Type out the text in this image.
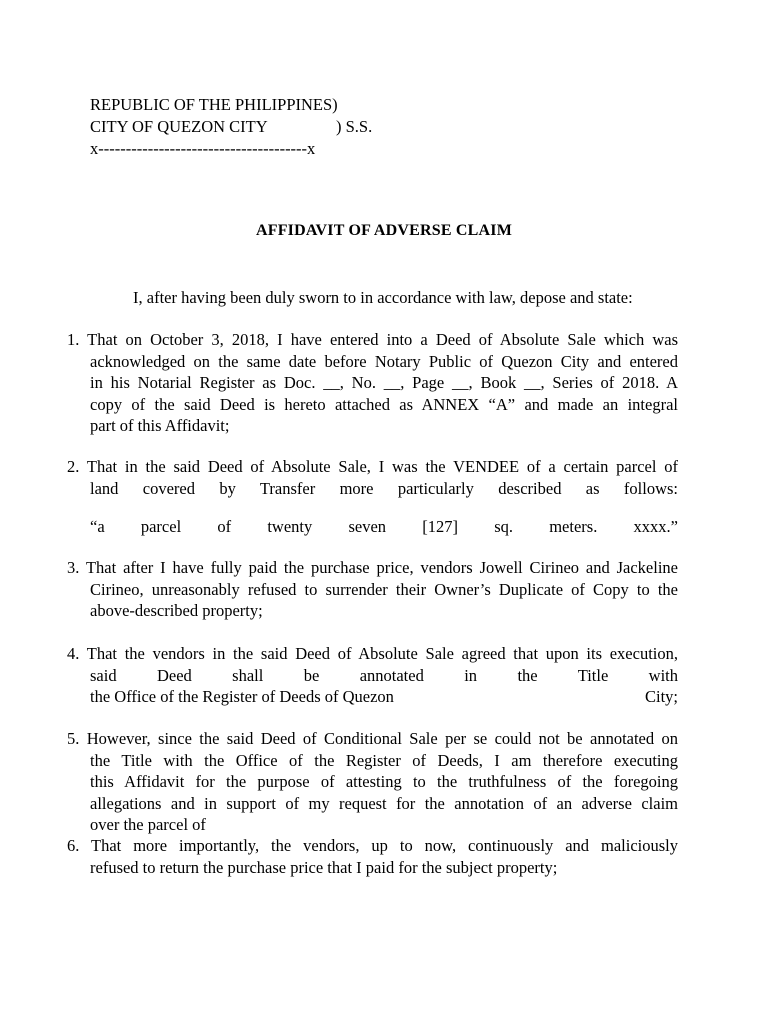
REPUBLIC OF THE PHILIPPINES)
CITY OF QUEZON CITY	) S.S.
x--------------------------------------x
AFFIDAVIT OF ADVERSE CLAIM
I, after having been duly sworn to in accordance with law, depose and state:
1. That on October 3, 2018, I have entered into a Deed of Absolute Sale which was
acknowledged on the same date before Notary Public of Quezon City and entered
in his Notarial Register as Doc. __, No. __, Page __, Book __, Series of 2018. A
copy of the said Deed is hereto attached as ANNEX “A” and made an integral
part of this Affidavit;
2. That in the said Deed of Absolute Sale, I was the VENDEE of a certain parcel of
land covered by Transfer more particularly described as follows:
“a parcel of twenty seven [127] sq. meters. xxxx.”
3. That after I have fully paid the purchase price, vendors Jowell Cirineo and Jackeline
Cirineo, unreasonably refused to surrender their Owner’s Duplicate of Copy to the
above-described property;
4. That the vendors in the said Deed of Absolute Sale agreed that upon its execution,
said Deed shall be annotated in the Title with
the Office of the Register of Deeds of Quezon	City;
5. However, since the said Deed of Conditional Sale per se could not be annotated on
the Title with the Office of the Register of Deeds, I am therefore executing
this Affidavit for the purpose of attesting to the truthfulness of the foregoing
allegations and in support of my request for the annotation of an adverse claim
over the parcel of
6. That more importantly, the vendors, up to now, continuously and maliciously
refused to return the purchase price that I paid for the subject property;
